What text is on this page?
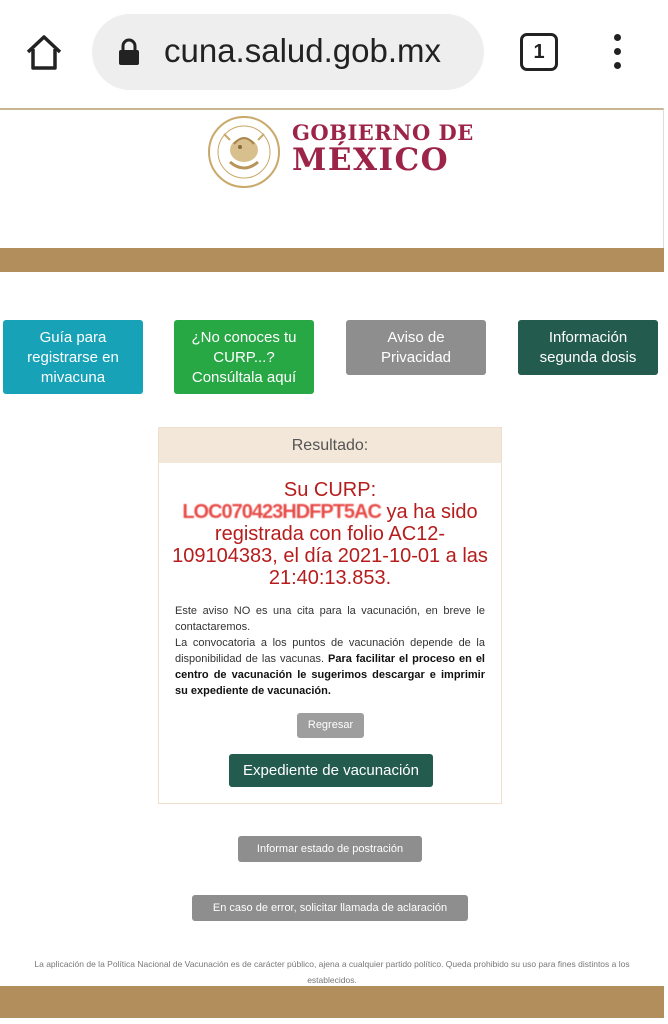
cuna.salud.gob.mx	1
GOBIERNO DE
MÉXICO
Guía para registrarse en mivacuna
¿No conoces tu CURP...? Consúltala aquí
Aviso de Privacidad
Información segunda dosis
Resultado:
Su CURP:
LOC07042​3HDFPT5AC ya ha sido registrada con folio AC12-109104383, el día 2021-10-01 a las 21:40:13.853.
Este aviso NO es una cita para la vacunación, en breve le contactaremos.
La convocatoria a los puntos de vacunación depende de la disponibilidad de las vacunas. Para facilitar el proceso en el centro de vacunación le sugerimos descargar e imprimir su expediente de vacunación.
Regresar
Expediente de vacunación
Informar estado de postración
En caso de error, solicitar llamada de aclaración
La aplicación de la Política Nacional de Vacunación es de carácter público, ajena a cualquier partido político. Queda prohibido su uso para fines distintos a los establecidos.
